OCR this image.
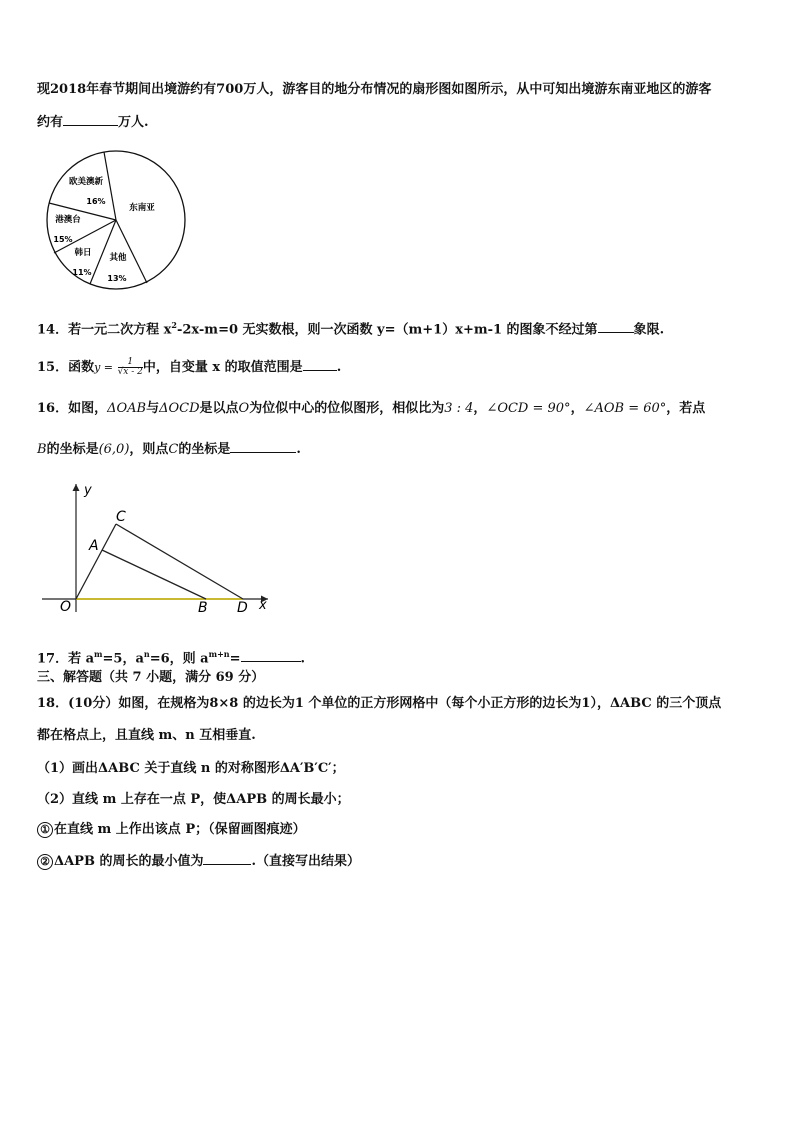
现2018年春节期间出境游约有700万人，游客目的地分布情况的扇形图如图所示，从中可知出境游东南亚地区的游客
约有	万人.
欧美澳新
16%
东南亚
港澳台
15%
韩日
11%
其他
13%
14．若一元二次方程 $x^2-2x-m=0$ 无实数根，则一次函数 y=（m+1）x+m-1 的图象不经过第	象限.
15．函数$y = \frac{1}{√x - 2}$ 中，自变量 x 的取值范围是	.
16．如图，ΔOAB与ΔOCD是以点O为位似中心的位似图形，相似比为3 : 4，∠OCD = 90°，∠AOB = 60°，若点
B的坐标是(6,0)，则点C的坐标是	.
y
x
O
A
C
B D
17．若 $a^m=5$，$a^n=6$，则 $a^{m+n}=$	.
三、解答题（共 7 小题，满分 69 分）
18．(10分）如图，在规格为8×8 的边长为1 个单位的正方形网格中（每个小正方形的边长为1），ΔABC 的三个顶点
都在格点上，且直线 m、n 互相垂直.
（1）画出ΔABC 关于直线 n 的对称图形ΔA′B′C′；
（2）直线 m 上存在一点 P，使ΔAPB 的周长最小；
① 在直线 m 上作出该点 P；（保留画图痕迹）
② ΔAPB 的周长的最小值为	.（直接写出结果）
